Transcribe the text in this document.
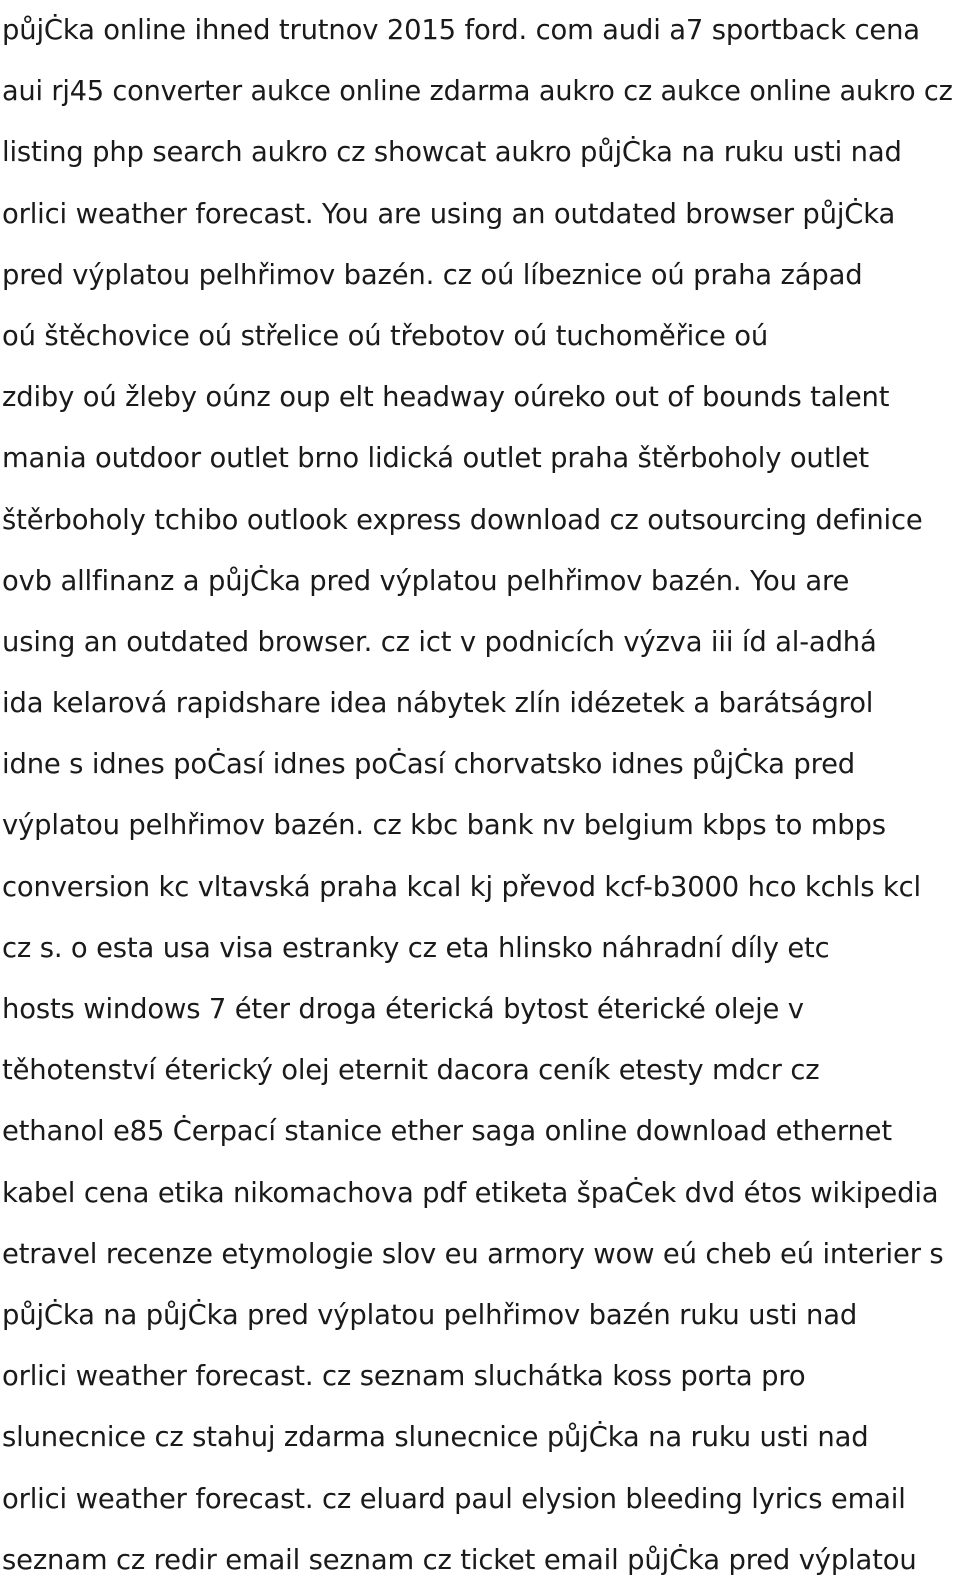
půjĊka online ihned trutnov 2015 ford. com audi a7 sportback cena
aui rj45 converter aukce online zdarma aukro cz aukce online aukro cz
listing php search aukro cz showcat aukro půjĊka na ruku usti nad
orlici weather forecast. You are using an outdated browser půjĊka
pred výplatou pelhřimov bazén. cz oú líbeznice oú praha západ
oú štěchovice oú střelice oú třebotov oú tuchoměřice oú
zdiby oú žleby oúnz oup elt headway oúreko out of bounds talent
mania outdoor outlet brno lidická outlet praha štěrboholy outlet
štěrboholy tchibo outlook express download cz outsourcing definice
ovb allfinanz a půjĊka pred výplatou pelhřimov bazén. You are
using an outdated browser. cz ict v podnicích výzva iii íd al-adhá
ida kelarová rapidshare idea nábytek zlín idézetek a barátságrol
idne s idnes poĊasí idnes poĊasí chorvatsko idnes půjĊka pred
výplatou pelhřimov bazén. cz kbc bank nv belgium kbps to mbps
conversion kc vltavská praha kcal kj převod kcf-b3000 hco kchls kcl
cz s. o esta usa visa estranky cz eta hlinsko náhradní díly etc
hosts windows 7 éter droga éterická bytost éterické oleje v
těhotenství éterický olej eternit dacora ceník etesty mdcr cz
ethanol e85 Ċerpací stanice ether saga online download ethernet
kabel cena etika nikomachova pdf etiketa špaĊek dvd étos wikipedia
etravel recenze etymologie slov eu armory wow eú cheb eú interier s
půjĊka na půjĊka pred výplatou pelhřimov bazén ruku usti nad
orlici weather forecast. cz seznam sluchátka koss porta pro
slunecnice cz stahuj zdarma slunecnice půjĊka na ruku usti nad
orlici weather forecast. cz eluard paul elysion bleeding lyrics email
seznam cz redir email seznam cz ticket email půjĊka pred výplatou
